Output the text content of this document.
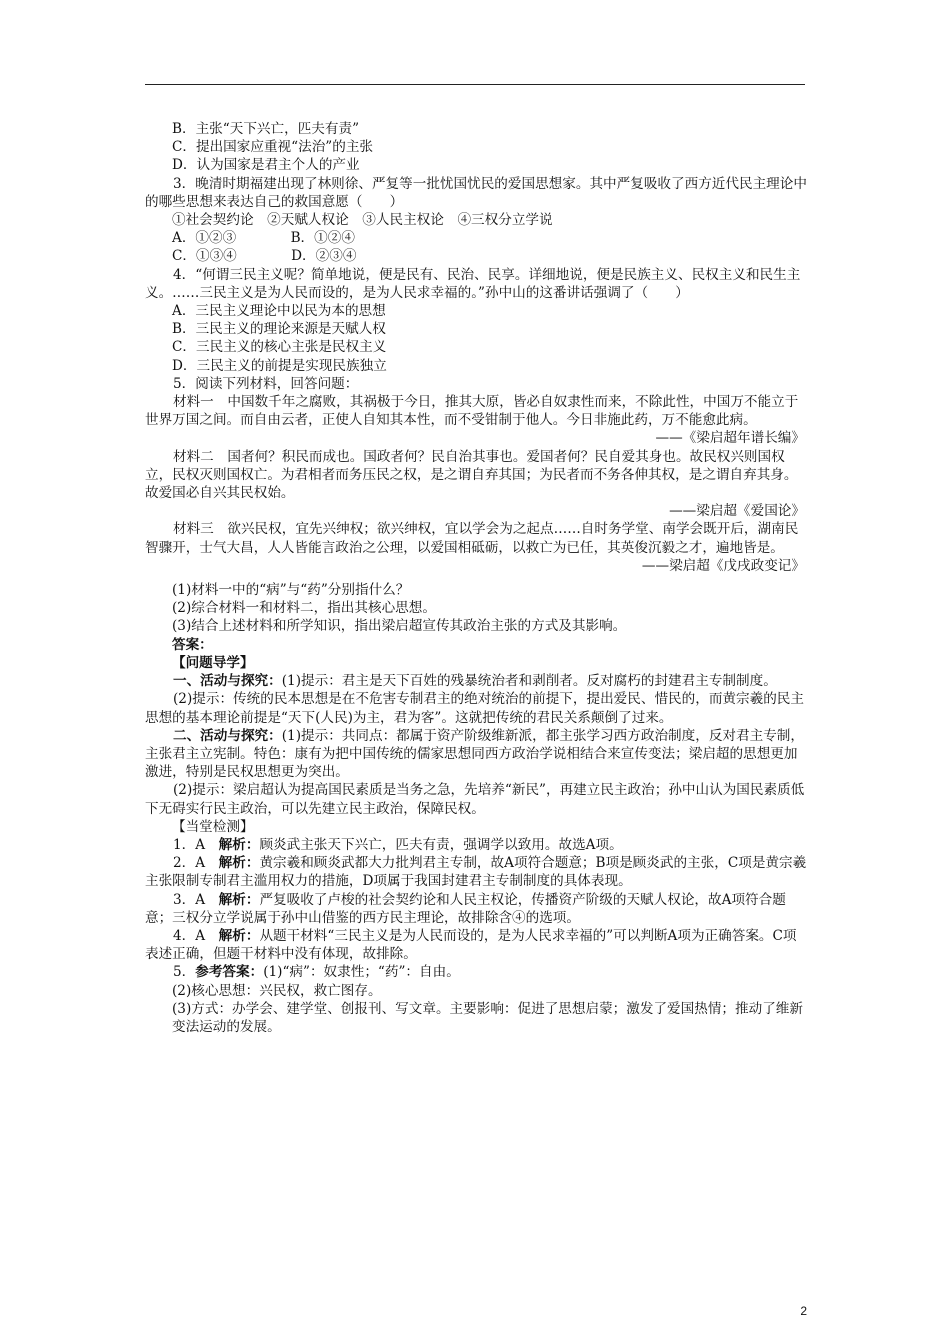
B．主张“天下兴亡，匹夫有责”

C．提出国家应重视“法治”的主张

D．认为国家是君主个人的产业

3．晚清时期福建出现了林则徐、严复等一批忧国忧民的爱国思想家。其中严复吸收了西方近代民主理论中的哪些思想来表达自己的救国意愿（　　）

①社会契约论　②天赋人权论　③人民主权论　④三权分立学说

A．①②③　　　　B．①②④

C．①③④　　　　D．②③④

4．“何谓三民主义呢？简单地说，便是民有、民治、民享。详细地说，便是民族主义、民权主义和民生主义。……三民主义是为人民而设的，是为人民求幸福的。”孙中山的这番讲话强调了（　　）

A．三民主义理论中以民为本的思想

B．三民主义的理论来源是天赋人权

C．三民主义的核心主张是民权主义

D．三民主义的前提是实现民族独立

5．阅读下列材料，回答问题：

材料一　中国数千年之腐败，其祸极于今日，推其大原，皆必自奴隶性而来，不除此性，中国万不能立于世界万国之间。而自由云者，正使人自知其本性，而不受钳制于他人。今日非施此药，万不能愈此病。

——《梁启超年谱长编》

材料二　国者何？积民而成也。国政者何？民自治其事也。爱国者何？民自爱其身也。故民权兴则国权立，民权灭则国权亡。为君相者而务压民之权，是之谓自弃其国；为民者而不务各伸其权，是之谓自弃其身。故爱国必自兴其民权始。

——梁启超《爱国论》

材料三　欲兴民权，宜先兴绅权；欲兴绅权，宜以学会为之起点……自时务学堂、南学会既开后，湖南民智骤开，士气大昌，人人皆能言政治之公理，以爱国相砥砺，以救亡为已任，其英俊沉毅之才，遍地皆是。

——梁启超《戊戌政变记》

(1)材料一中的“病”与“药”分别指什么？

(2)综合材料一和材料二，指出其核心思想。

(3)结合上述材料和所学知识，指出梁启超宣传其政治主张的方式及其影响。

答案：

【问题导学】

一、活动与探究：(1)提示：君主是天下百姓的残暴统治者和剥削者。反对腐朽的封建君主专制制度。

(2)提示：传统的民本思想是在不危害专制君主的绝对统治的前提下，提出爱民、惜民的，而黄宗羲的民主思想的基本理论前提是“天下(人民)为主，君为客”。这就把传统的君民关系颠倒了过来。

二、活动与探究：(1)提示：共同点：都属于资产阶级维新派，都主张学习西方政治制度，反对君主专制，主张君主立宪制。特色：康有为把中国传统的儒家思想同西方政治学说相结合来宣传变法；梁启超的思想更加激进，特别是民权思想更为突出。

(2)提示：梁启超认为提高国民素质是当务之急，先培养“新民”，再建立民主政治；孙中山认为国民素质低下无碍实行民主政治，可以先建立民主政治，保障民权。

【当堂检测】

1．A　解析：顾炎武主张天下兴亡，匹夫有责，强调学以致用。故选A项。

2．A　解析：黄宗羲和顾炎武都大力批判君主专制，故A项符合题意；B项是顾炎武的主张，C项是黄宗羲主张限制专制君主滥用权力的措施，D项属于我国封建君主专制制度的具体表现。

3．A　解析：严复吸收了卢梭的社会契约论和人民主权论，传播资产阶级的天赋人权论，故A项符合题意；三权分立学说属于孙中山借鉴的西方民主理论，故排除含④的选项。

4．A　解析：从题干材料“三民主义是为人民而设的，是为人民求幸福的”可以判断A项为正确答案。C项表述正确，但题干材料中没有体现，故排除。

5．参考答案：(1)“病”：奴隶性；“药”：自由。

(2)核心思想：兴民权，救亡图存。

(3)方式：办学会、建学堂、创报刊、写文章。主要影响：促进了思想启蒙；激发了爱国热情；推动了维新变法运动的发展。

2
